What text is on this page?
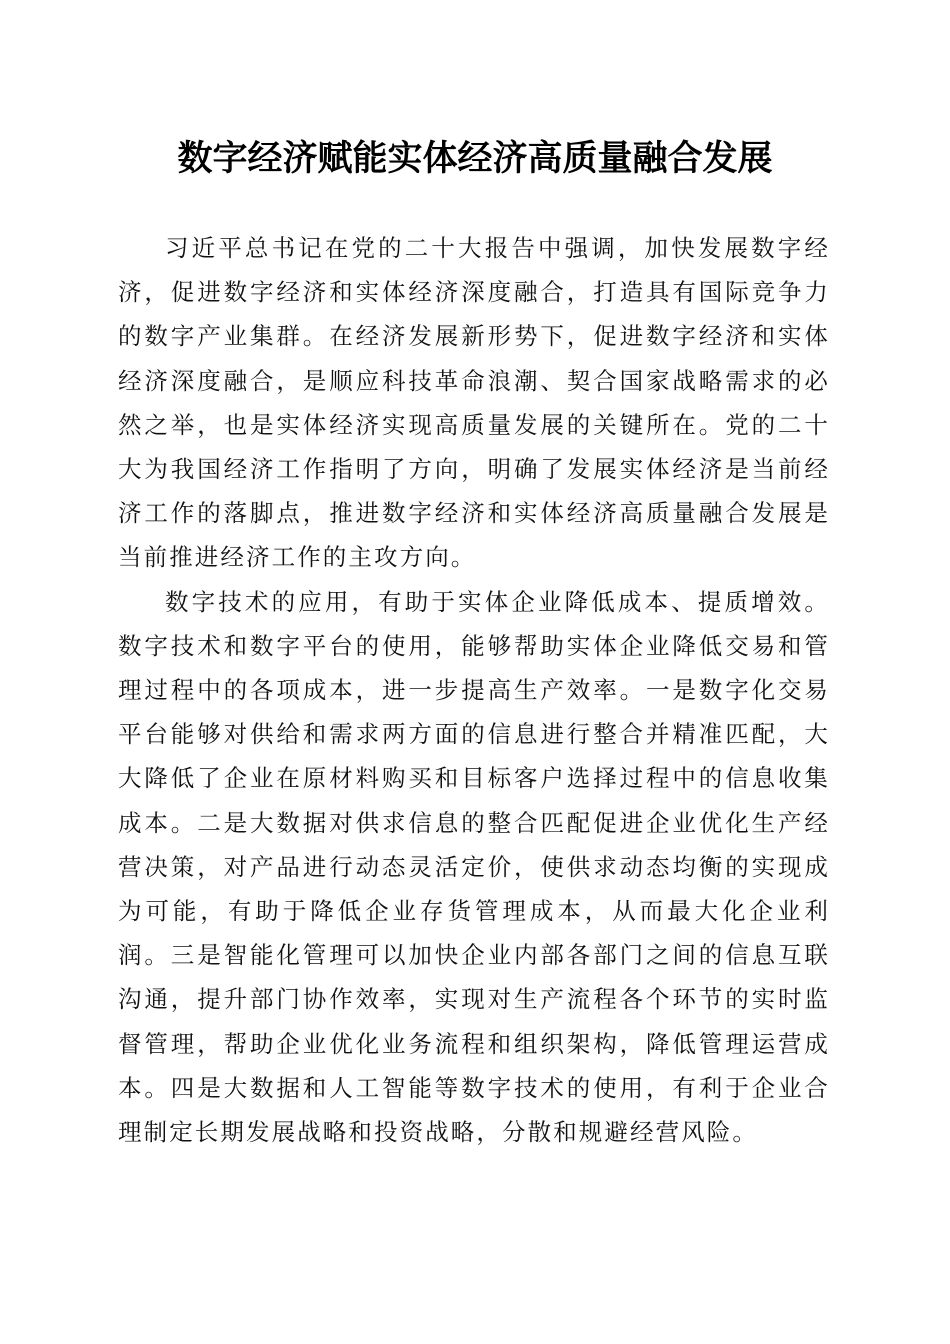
数字经济赋能实体经济高质量融合发展

习近平总书记在党的二十大报告中强调，加快发展数字经济，促进数字经济和实体经济深度融合，打造具有国际竞争力的数字产业集群。在经济发展新形势下，促进数字经济和实体经济深度融合，是顺应科技革命浪潮、契合国家战略需求的必然之举，也是实体经济实现高质量发展的关键所在。党的二十大为我国经济工作指明了方向，明确了发展实体经济是当前经济工作的落脚点，推进数字经济和实体经济高质量融合发展是当前推进经济工作的主攻方向。

数字技术的应用，有助于实体企业降低成本、提质增效。数字技术和数字平台的使用，能够帮助实体企业降低交易和管理过程中的各项成本，进一步提高生产效率。一是数字化交易平台能够对供给和需求两方面的信息进行整合并精准匹配，大大降低了企业在原材料购买和目标客户选择过程中的信息收集成本。二是大数据对供求信息的整合匹配促进企业优化生产经营决策，对产品进行动态灵活定价，使供求动态均衡的实现成为可能，有助于降低企业存货管理成本，从而最大化企业利润。三是智能化管理可以加快企业内部各部门之间的信息互联沟通，提升部门协作效率，实现对生产流程各个环节的实时监督管理，帮助企业优化业务流程和组织架构，降低管理运营成本。四是大数据和人工智能等数字技术的使用，有利于企业合理制定长期发展战略和投资战略，分散和规避经营风险。
